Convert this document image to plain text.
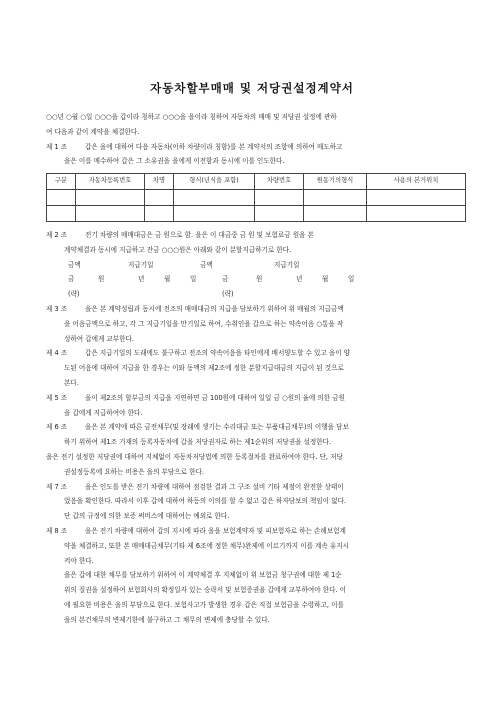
자동차할부매매 및 저당권설정계약서

○○년 ○월 ○일 ○○○을 갑이라 칭하고 ○○○을 을이라 칭하여 자동차의 매매 및 저당권 설정에 관하

여 다음과 같이 계약을 체결한다.

제 1 조	갑은 을에 대하여 다음 자동차(이하 차량이라 칭함)를 본 계약서의 조항에 의하여 매도하고

을은 이를 매수하여 갑은 그 소유권을 을에게 이전함과 동시에 이를 인도한다.

구분	자동차등록번호	차명	형식(년식을 포함)	차량번호	원동기의형식	사용의 본거위치

제 2 조	전기 차량의 매매대금은 금 원으로 함. 을은 이 대금중 금 원 및 보험료금 원을 본

계약체결과 동시에 지급하고 잔금 ○○○원은 아래와 같이 분할지급하기로 한다.

금액	지급기일	금액	지급기일
금	원	년	월	일	금	원	년	월	일
(략)	(략)
제 3 조	을은 본 계약성립과 동시에 전조의 매매대금의 지급을 담보하기 위하여 위 매월의 지급금액

을 어음금액으로 하고, 각 그 지급기일을 만기일로 하여, 수취인을 갑으로 하는 약속어음 ○통을 작

성하여 갑에게 교부한다.

제 4 조	갑은 지급기일의 도래에도 불구하고 전조의 약속어음을 타인에게 배서양도할 수 있고 을이 양

도된 어음에 대하여 지급을 한 경우는 이와 동액의 제2조에 정한 분할지급대금의 지급이 된 것으로

본다.

제 5 조	을이 제2조의 할부금의 지급을 지연하면 금 100원에 대하여 일일 금 ○원의 율에 의한 금원

을 갑에게 지급하여야 한다.

제 6 조	을은 본 계약에 따른 금전채무(및 장래에 생기는 수리대금 또는 부품대금채무)의 이행을 담보

하기 위하여 제1조 기재의 등록자동차에 갑을 저당권자로 하는 제1순위의 저당권을 설정한다.

을은 전기 설정한 저당권에 대하여 지체없이 자동차저당법에 의한 등록절차를 완료하여야 한다. 단, 저당

권설정등록에 요하는 비용은 을의 부담으로 한다.

제 7 조	을은 인도를 받은 전기 차량에 대하여 점검한 결과 그 구조 설비 기타 제점이 완전한 상태이

었음을 확인한다. 따라서 이후 갑에 대하여 하등의 이의를 할 수 없고 갑은 하자담보의 책임이 없다.

단 갑의 규정에 의한 보증 써비스에 대하여는 예외로 한다.

제 8 조	을은 전기 차량에 대하여 갑의 지시에 따라 을을 보험계약자 및 피보험자로 하는 손해보험계

약을 체결하고, 또한 본 매매대금채무(기타 제 6조에 정한 채무)완제에 이르기까지 이를 계속 유지시

켜야 한다.

을은 갑에 대한 채무를 담보하기 위하여 이 계약체결 후 지체없이 위 보험금 청구권에 대한 제 1순

위의 질권을 설정하여 보험회사의 확정일자 있는 승락서 및 보험증권을 갑에게 교부하여야 한다. 이

에 필요한 비용은 을의 부담으로 한다. 보험사고가 발생한 경우 갑은 직접 보험금을 수령하고, 이를

을의 본건채무의 변제기한에 불구하고 그 채무의 변제에 충당할 수 있다.
